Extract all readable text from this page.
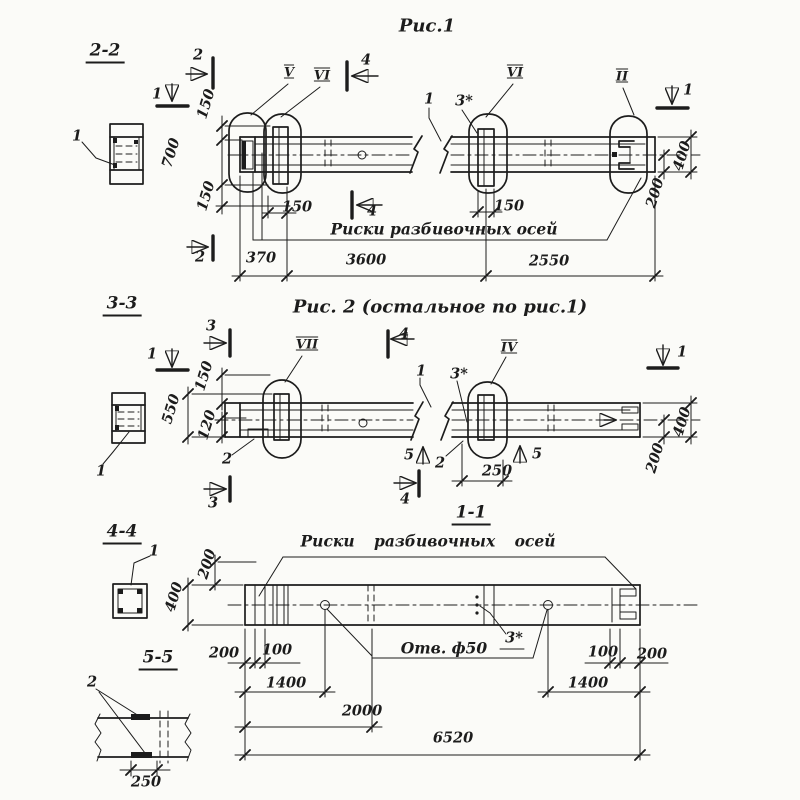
Рис.1
2-2
1
2
1
4
4
2
1
V VI
1 3*
VI	II
150
700
150	150	150
Риски разбивочных осей
370	3600	2550
400
200
3-3	Рис. 2 (остальное по рис.1)
1
3
1
4
VII
1 3*
IV	1
150
550 120
2	5 2
5
250
3	4
400
200
1-1
Риски разбивочных осей
200
400
200 100	Отв. ф50
3*
100 200
1400	1400
2000
6520
4-4
1
5-5
2
250
